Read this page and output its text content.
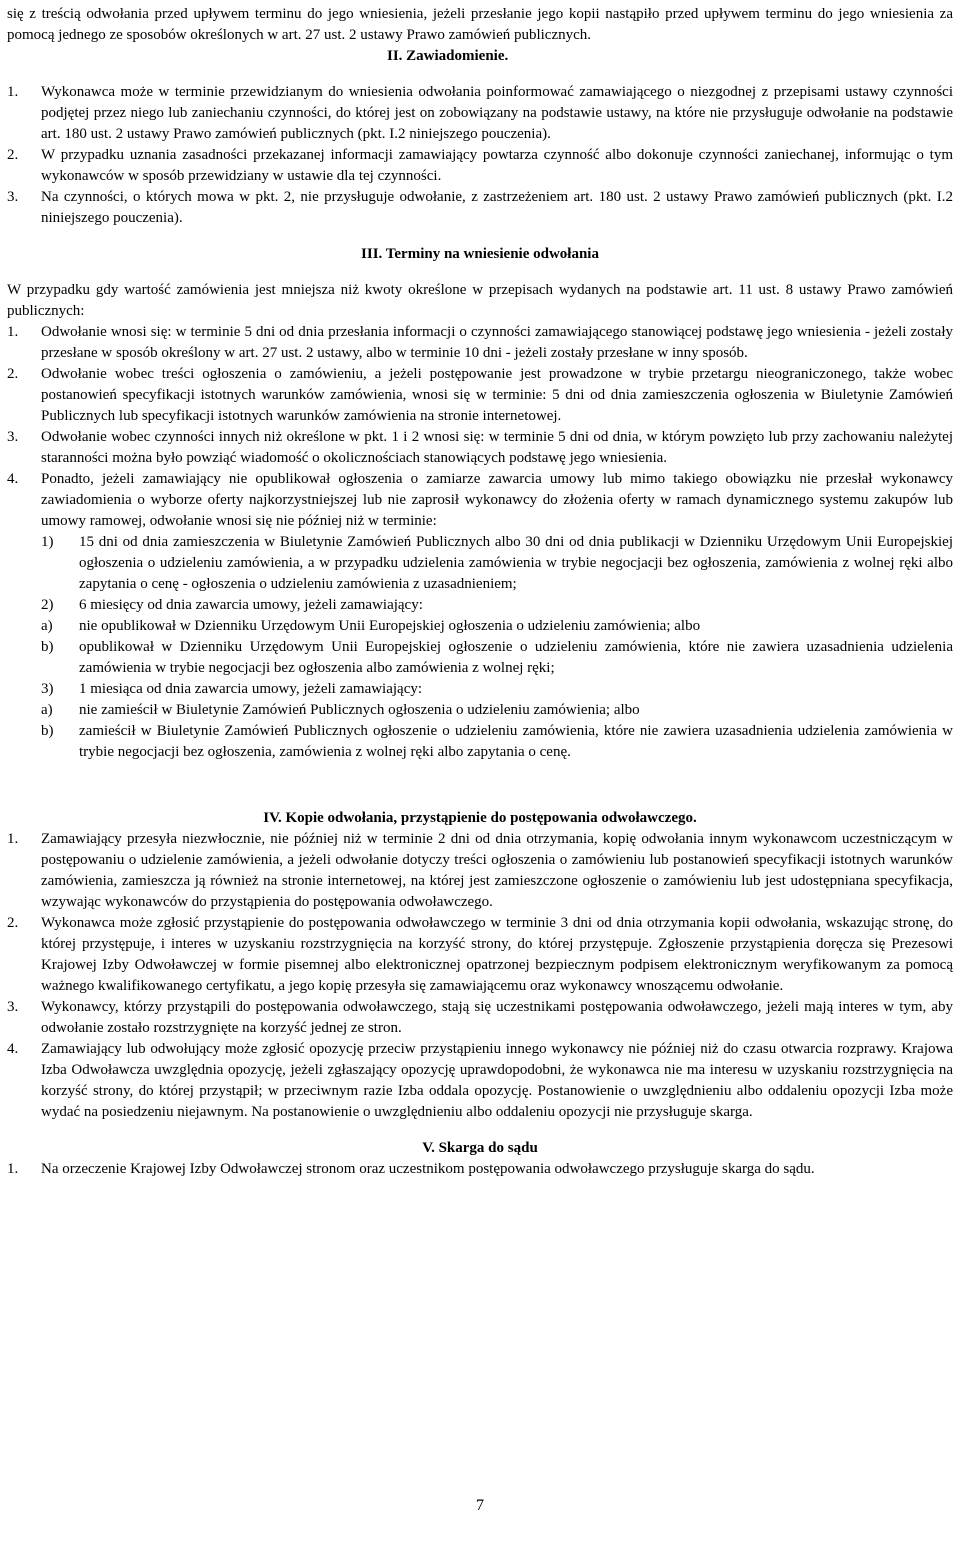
się z treścią odwołania przed upływem terminu do jego wniesienia, jeżeli przesłanie jego kopii nastąpiło przed upływem terminu do jego wniesienia za pomocą jednego ze sposobów określonych w art. 27 ust. 2 ustawy Prawo zamówień publicznych.

II. Zawiadomienie.
1.	Wykonawca może w terminie przewidzianym do wniesienia odwołania poinformować zamawiającego o niezgodnej z przepisami ustawy czynności podjętej przez niego lub zaniechaniu czynności, do której jest on zobowiązany na podstawie ustawy, na które nie przysługuje odwołanie na podstawie art. 180 ust. 2 ustawy Prawo zamówień publicznych (pkt. I.2 niniejszego pouczenia).
2.	W przypadku uznania zasadności przekazanej informacji zamawiający powtarza czynność albo dokonuje czynności zaniechanej, informując o tym wykonawców w sposób przewidziany w ustawie dla tej czynności.
3.	Na czynności, o których mowa w pkt. 2, nie przysługuje odwołanie, z zastrzeżeniem art. 180 ust. 2 ustawy Prawo zamówień publicznych (pkt. I.2 niniejszego pouczenia).
III. Terminy na wniesienie odwołania

W przypadku gdy wartość zamówienia jest mniejsza niż kwoty określone w przepisach wydanych na podstawie art. 11 ust. 8 ustawy Prawo zamówień publicznych:

1.	Odwołanie wnosi się: w terminie 5 dni od dnia przesłania informacji o czynności zamawiającego stanowiącej podstawę jego wniesienia - jeżeli zostały przesłane w sposób określony w art. 27 ust. 2 ustawy, albo w terminie 10 dni - jeżeli zostały przesłane w inny sposób.
2.	Odwołanie wobec treści ogłoszenia o zamówieniu, a jeżeli postępowanie jest prowadzone w trybie przetargu nieograniczonego, także wobec postanowień specyfikacji istotnych warunków zamówienia, wnosi się w terminie: 5 dni od dnia zamieszczenia ogłoszenia w Biuletynie Zamówień Publicznych lub specyfikacji istotnych warunków zamówienia na stronie internetowej.
3.	Odwołanie wobec czynności innych niż określone w pkt. 1 i 2 wnosi się: w terminie 5 dni od dnia, w którym powzięto lub przy zachowaniu należytej staranności można było powziąć wiadomość o okolicznościach stanowiących podstawę jego wniesienia.
4.	Ponadto, jeżeli zamawiający nie opublikował ogłoszenia o zamiarze zawarcia umowy lub mimo takiego obowiązku nie przesłał wykonawcy zawiadomienia o wyborze oferty najkorzystniejszej lub nie zaprosił wykonawcy do złożenia oferty w ramach dynamicznego systemu zakupów lub umowy ramowej, odwołanie wnosi się nie później niż w terminie:
1)	15 dni od dnia zamieszczenia w Biuletynie Zamówień Publicznych albo 30 dni od dnia publikacji w Dzienniku Urzędowym Unii Europejskiej ogłoszenia o udzieleniu zamówienia, a w przypadku udzielenia zamówienia w trybie negocjacji bez ogłoszenia, zamówienia z wolnej ręki albo zapytania o cenę - ogłoszenia o udzieleniu zamówienia z uzasadnieniem;
2)	6 miesięcy od dnia zawarcia umowy, jeżeli zamawiający:
a)	nie opublikował w Dzienniku Urzędowym Unii Europejskiej ogłoszenia o udzieleniu zamówienia; albo
b)	opublikował w Dzienniku Urzędowym Unii Europejskiej ogłoszenie o udzieleniu zamówienia, które nie zawiera uzasadnienia udzielenia zamówienia w trybie negocjacji bez ogłoszenia albo zamówienia z wolnej ręki;
3)	1 miesiąca od dnia zawarcia umowy, jeżeli zamawiający:
a)	nie zamieścił w Biuletynie Zamówień Publicznych ogłoszenia o udzieleniu zamówienia; albo
b)	zamieścił w Biuletynie Zamówień Publicznych ogłoszenie o udzieleniu zamówienia, które nie zawiera uzasadnienia udzielenia zamówienia w trybie negocjacji bez ogłoszenia, zamówienia z wolnej ręki albo zapytania o cenę.
IV. Kopie odwołania, przystąpienie do postępowania odwoławczego.
1.	Zamawiający przesyła niezwłocznie, nie później niż w terminie 2 dni od dnia otrzymania, kopię odwołania innym wykonawcom uczestniczącym w postępowaniu o udzielenie zamówienia, a jeżeli odwołanie dotyczy treści ogłoszenia o zamówieniu lub postanowień specyfikacji istotnych warunków zamówienia, zamieszcza ją również na stronie internetowej, na której jest zamieszczone ogłoszenie o zamówieniu lub jest udostępniana specyfikacja, wzywając wykonawców do przystąpienia do postępowania odwoławczego.
2.	Wykonawca może zgłosić przystąpienie do postępowania odwoławczego w terminie 3 dni od dnia otrzymania kopii odwołania, wskazując stronę, do której przystępuje, i interes w uzyskaniu rozstrzygnięcia na korzyść strony, do której przystępuje. Zgłoszenie przystąpienia doręcza się Prezesowi Krajowej Izby Odwoławczej w formie pisemnej albo elektronicznej opatrzonej bezpiecznym podpisem elektronicznym weryfikowanym za pomocą ważnego kwalifikowanego certyfikatu, a jego kopię przesyła się zamawiającemu oraz wykonawcy wnoszącemu odwołanie.
3.	Wykonawcy, którzy przystąpili do postępowania odwoławczego, stają się uczestnikami postępowania odwoławczego, jeżeli mają interes w tym, aby odwołanie zostało rozstrzygnięte na korzyść jednej ze stron.
4.	Zamawiający lub odwołujący może zgłosić opozycję przeciw przystąpieniu innego wykonawcy nie później niż do czasu otwarcia rozprawy. Krajowa Izba Odwoławcza uwzględnia opozycję, jeżeli zgłaszający opozycję uprawdopodobni, że wykonawca nie ma interesu w uzyskaniu rozstrzygnięcia na korzyść strony, do której przystąpił; w przeciwnym razie Izba oddala opozycję. Postanowienie o uwzględnieniu albo oddaleniu opozycji Izba może wydać na posiedzeniu niejawnym. Na postanowienie o uwzględnieniu albo oddaleniu opozycji nie przysługuje skarga.
V. Skarga do sądu
1.	Na orzeczenie Krajowej Izby Odwoławczej stronom oraz uczestnikom postępowania odwoławczego przysługuje skarga do sądu.
7
